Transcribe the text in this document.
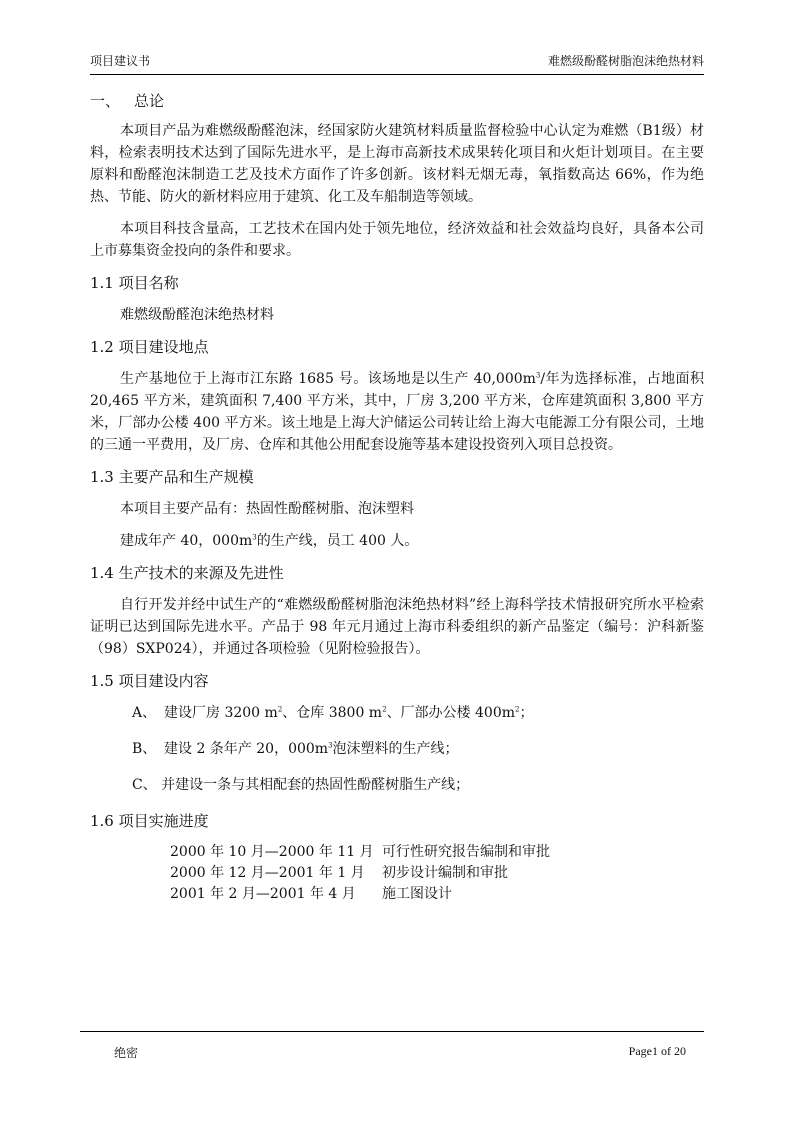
项目建议书	难燃级酚醛树脂泡沫绝热材料
一、 总论

本项目产品为难燃级酚醛泡沫，经国家防火建筑材料质量监督检验中心认定为难燃（B1级）材料，检索表明技术达到了国际先进水平，是上海市高新技术成果转化项目和火炬计划项目。在主要原料和酚醛泡沫制造工艺及技术方面作了许多创新。该材料无烟无毒，氧指数高达 66%，作为绝热、节能、防火的新材料应用于建筑、化工及车船制造等领域。

本项目科技含量高，工艺技术在国内处于领先地位，经济效益和社会效益均良好，具备本公司上市募集资金投向的条件和要求。

1.1 项目名称

难燃级酚醛泡沫绝热材料

1.2 项目建设地点

生产基地位于上海市江东路 1685 号。该场地是以生产 $40,000m^3/$年为选择标准，占地面积 20,465 平方米，建筑面积 7,400 平方米，其中，厂房 3,200 平方米，仓库建筑面积 3,800 平方米，厂部办公楼 400 平方米。该土地是上海大沪储运公司转让给上海大屯能源工分有限公司，土地的三通一平费用，及厂房、仓库和其他公用配套设施等基本建设投资列入项目总投资。

1.3 主要产品和生产规模

本项目主要产品有：热固性酚醛树脂、泡沫塑料

建成年产 40，$000m^3$的生产线，员工 400 人。

1.4 生产技术的来源及先进性

自行开发并经中试生产的“难燃级酚醛树脂泡沫绝热材料”经上海科学技术情报研究所水平检索证明已达到国际先进水平。产品于 98 年元月通过上海市科委组织的新产品鉴定（编号：沪科新鉴（98）SXP024），并通过各项检验（见附检验报告）。

1.5 项目建设内容

A、 建设厂房 3200 $m^2$、仓库 3800 $m^2$、厂部办公楼 $400m^2$；

B、 建设 2 条年产 20，$000m^3$泡沫塑料的生产线；

C、 并建设一条与其相配套的热固性酚醛树脂生产线；

1.6 项目实施进度
2000 年 10 月—2000 年 11 月 可行性研究报告编制和审批
2000 年 12 月—2001 年 1 月 初步设计编制和审批
2001 年 2 月—2001 年 4 月 施工图设计
绝密	Page1 of 20
